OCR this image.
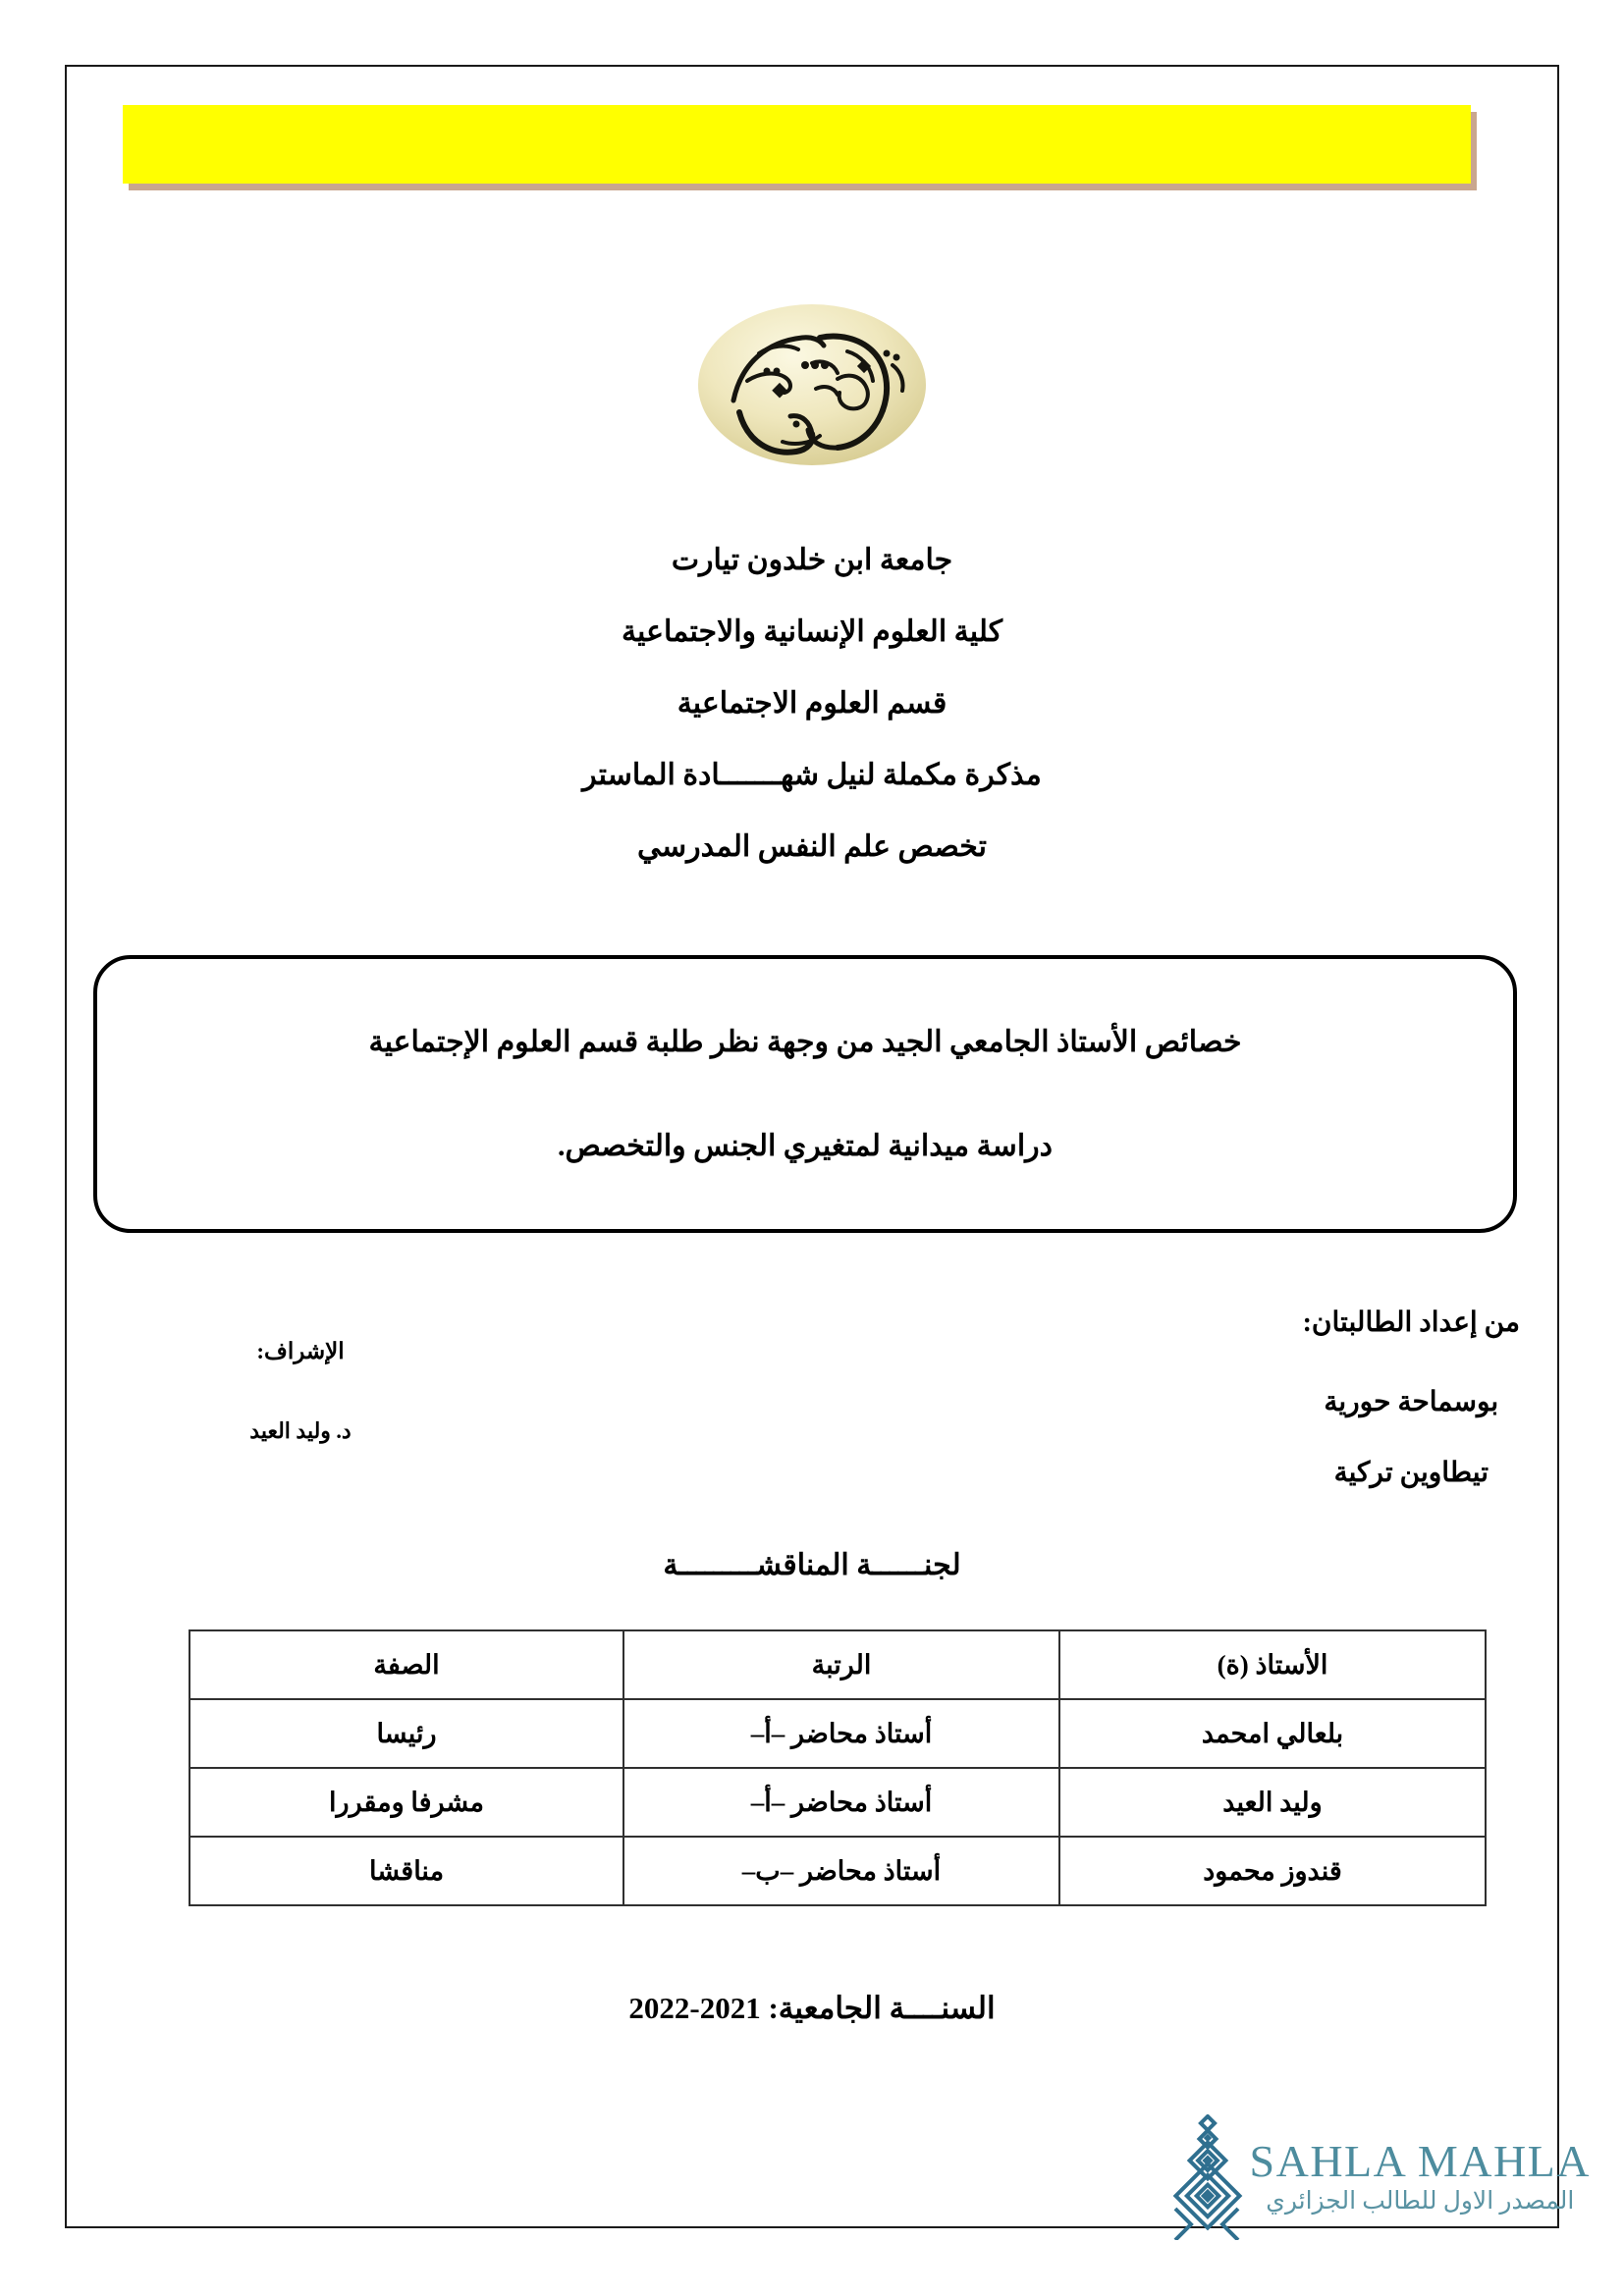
جامعة ابن خلدون تيارت
كلية العلوم الإنسانية والاجتماعية
قسم العلوم الاجتماعية
مذكرة مكملة لنيل شهـــــــادة الماستر
تخصص علم النفس المدرسي
خصائص الأستاذ الجامعي الجيد من وجهة نظر طلبة قسم العلوم الإجتماعية
دراسة ميدانية لمتغيري الجنس والتخصص.
من إعداد الطالبتان:
بوسماحة حورية
تيطاوين تركية
الإشراف:
د. وليد العيد
لجنــــــة المناقشـــــــــة
الأستاذ (ة)	الرتبة	الصفة
بلعالي امحمد	أستاذ محاضر –أ–	رئيسا
وليد العيد	أستاذ محاضر –أ–	مشرفا ومقررا
قندوز محمود	أستاذ محاضر –ب–	مناقشا
السنــــة الجامعية: 2021-2022
SAHLA MAHLA
المصدر الاول للطالب الجزائري
